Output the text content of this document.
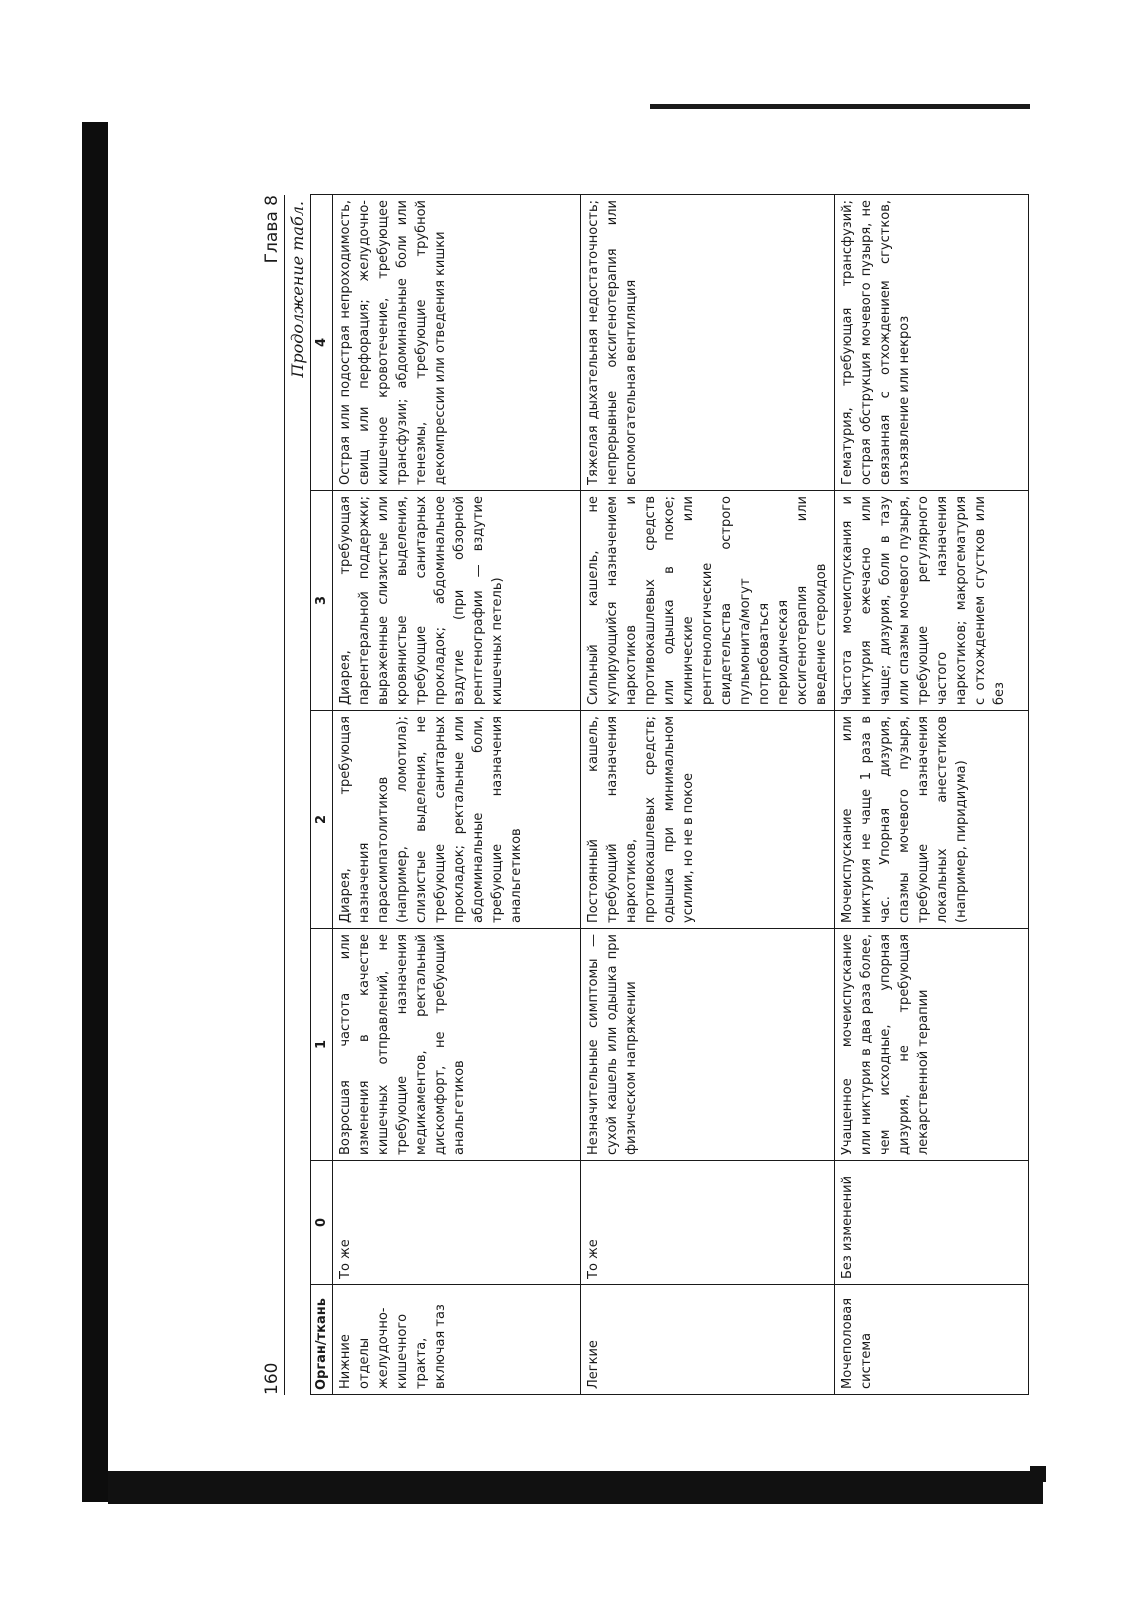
160
Глава 8 Продолжение табл.
Орган/ткань	0	1	2	3	4
Нижние отделы желудочно-кишечного тракта, включая таз	То же	Возросшая частота или изменения в качестве кишечных отправлений, не требующие назначения медикаментов, ректальный дискомфорт, не требующий анальгетиков	Диарея, требующая назначения парасимпатолитиков (например, ломотила); слизистые выделения, не требующие санитарных прокладок; ректальные или абдоминальные боли, требующие назначения анальгетиков	Диарея, требующая парентеральной поддержки; выраженные слизистые или кровянистые выделения, требующие санитарных прокладок; абдоминальное вздутие (при обзорной рентгенографии — вздутие кишечных петель)	Острая или подострая непроходимость, свищ или перфорация; желудочно-кишечное кровотечение, требующее трансфузии; абдоминальные боли или тенезмы, требующие трубной декомпрессии или отведения кишки
Легкие	То же	Незначительные симптомы — сухой кашель или одышка при физическом напряжении	Постоянный кашель, требующий назначения наркотиков, противокашлевых средств; одышка при минимальном усилии, но не в покое	Сильный кашель, не купирующийся назначением наркотиков и противокашлевых средств или одышка в покое; клинические или рентгенологические свидетельства острого пульмонита/могут потребоваться периодическая оксигенотерапия или введение стероидов	Тяжелая дыхательная недостаточность; непрерывные оксигенотерапия или вспомогательная вентиляция
Мочеполовая система	Без изменений	Учащенное мочеиспускание или никтурия в два раза более, чем исходные, упорная дизурия, не требующая лекарственной терапии	Мочеиспускание или никтурия не чаще 1 раза в час. Упорная дизурия, спазмы мочевого пузыря, требующие назначения локальных анестетиков (например, пиридиума)	Частота мочеиспускания и никтурия ежечасно или чаще; дизурия, боли в тазу или спазмы мочевого пузыря, требующие регулярного частого назначения наркотиков; макрогематурия с отхождением сгустков или без	Гематурия, требующая трансфузий; острая обструкция мочевого пузыря, не связанная с отхождением сгустков, изъязвление или некроз
